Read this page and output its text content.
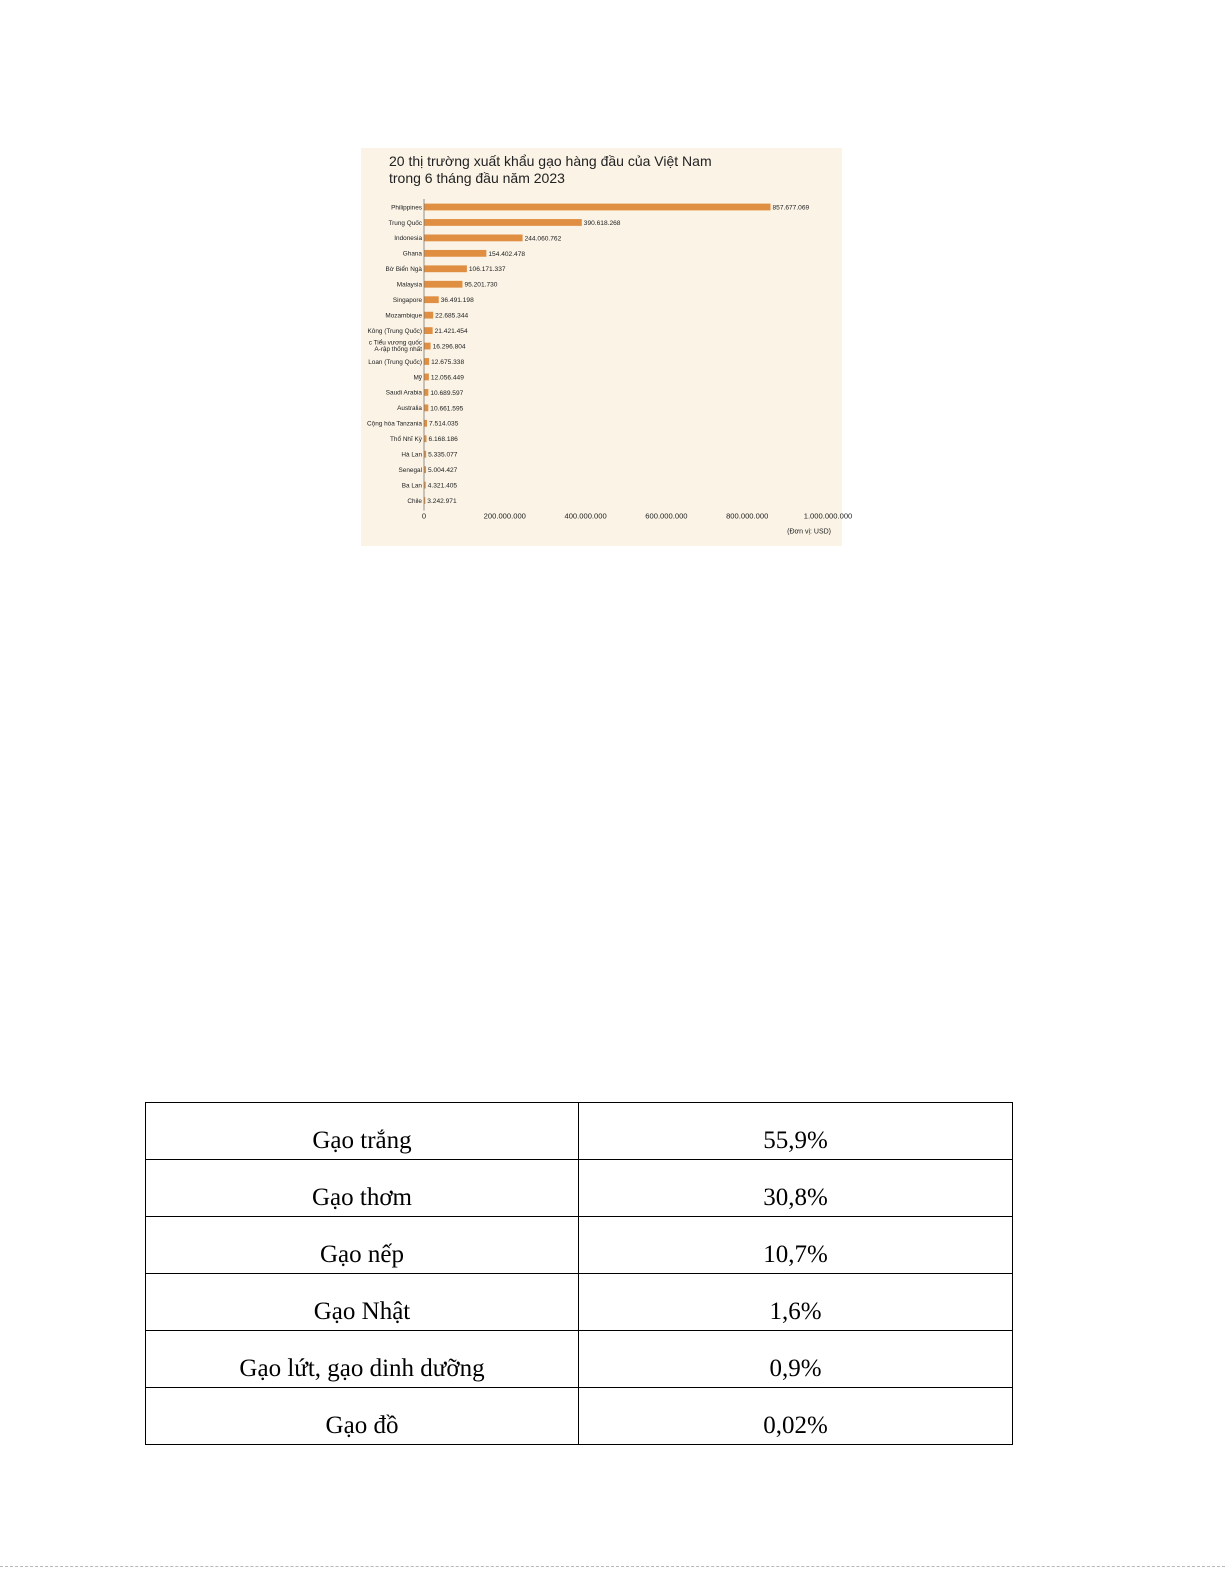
20 thị trường xuất khẩu gạo hàng đầu của Việt Nam
trong 6 tháng đầu năm 2023
Philippines	857.677.069
Trung Quốc	390.618.268
Indonesia	244.060.762
Ghana	154.402.478
Bờ Biển Ngà	106.171.337
Malaysia	95.201.730
Singapore	36.491.198
Mozambique 22.685.344
Kông (Trung Quốc) 21.421.454
c Tiểu vương quốc
A-rập thống nhất 16.296.804
Loan (Trung Quốc) 12.675.338
Mỹ 12.056.449
Saudi Arabia 10.689.597
Australia 10.661.595
Cộng hòa Tanzania 7.514.035
Thổ Nhĩ Kỳ 6.168.186
Hà Lan 5.335.077
Senegal 5.004.427
Ba Lan 4.321.405
Chile 3.242.971
0	200.000.000	400.000.000	600.000.000	800.000.000	1.000.000.000
(Đơn vị: USD)
Gạo trắng	55,9%
Gạo thơm	30,8%
Gạo nếp	10,7%
Gạo Nhật	1,6%
Gạo lứt, gạo dinh dưỡng	0,9%
Gạo đồ	0,02%
